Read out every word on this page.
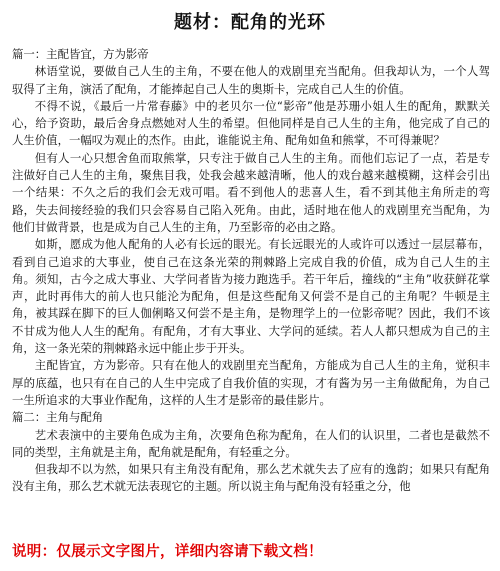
题材：配角的光环

篇一：主配皆宜，方为影帝

林语堂说，要做自己人生的主角，不要在他人的戏剧里充当配角。但我却认为，一个人驾驭得了主角，演活了配角，才能捧起自己人生的奥斯卡，完成自己人生的价值。

不得不说，《最后一片常春藤》中的老贝尔一位“影帝”他是苏珊小姐人生的配角，默默关心，给予资助，最后舍身点燃她对人生的希望。但他同样是自己人生的主角，他完成了自己的人生价值，一幅叹为观止的杰作。由此，谁能说主角、配角如鱼和熊掌，不可得兼呢？

但有人一心只想舍鱼而取熊掌，只专注于做自己人生的主角。而他们忘记了一点，若是专注做好自己人生的主角，聚焦目我，处我会越来越清晰，他人的戏台越来越模糊，这样会引出一个结果：不久之后的我们会无戏可唱。看不到他人的悲喜人生，看不到其他主角所走的弯路，失去间接经验的我们只会容易自己陷入死角。由此，适时地在他人的戏剧里充当配角，为他们甘做背景，也是成为自己人生的主角，乃至影帝的必由之路。

如斯，愿成为他人配角的人必有长远的眼光。有长远眼光的人或许可以透过一层层幕布，看到自己追求的大事业，使自己在这条光荣的荆棘路上完成自我的价值，成为自己人生的主角。须知，古今之成大事业、大学问者皆为接力跑选手。若干年后，撞线的“主角”收获鲜花掌声，此时再伟大的前人也只能沦为配角，但是这些配角又何尝不是自己的主角呢？牛顿是主角，被其踩在脚下的巨人伽俐略又何尝不是主角，是物理学上的一位影帝呢？因此，我们不该不甘成为他人人生的配角。有配角，才有大事业、大学问的延续。若人人都只想成为自己的主角，这一条光荣的荆棘路永远中能止步于开头。

主配皆宜，方为影帝。只有在他人的戏剧里充当配角，方能成为自己人生的主角，觉积丰厚的底蕴，也只有在自己的人生中完成了自我价值的实现，才有酱为另一主角做配角，为自己一生所追求的大事业作配角，这样的人生才是影帝的最佳影片。

篇二：主角与配角

艺术表演中的主要角色成为主角，次要角色称为配角，在人们的认识里，二者也是截然不同的类型，主角就是主角，配角就是配角，有轻重之分。

但我却不以为然，如果只有主角没有配角，那么艺术就失去了应有的逸韵；如果只有配角没有主角，那么艺术就无法表现它的主题。所以说主角与配角没有轻重之分，他

说明：仅展示文字图片，详细内容请下载文档！
